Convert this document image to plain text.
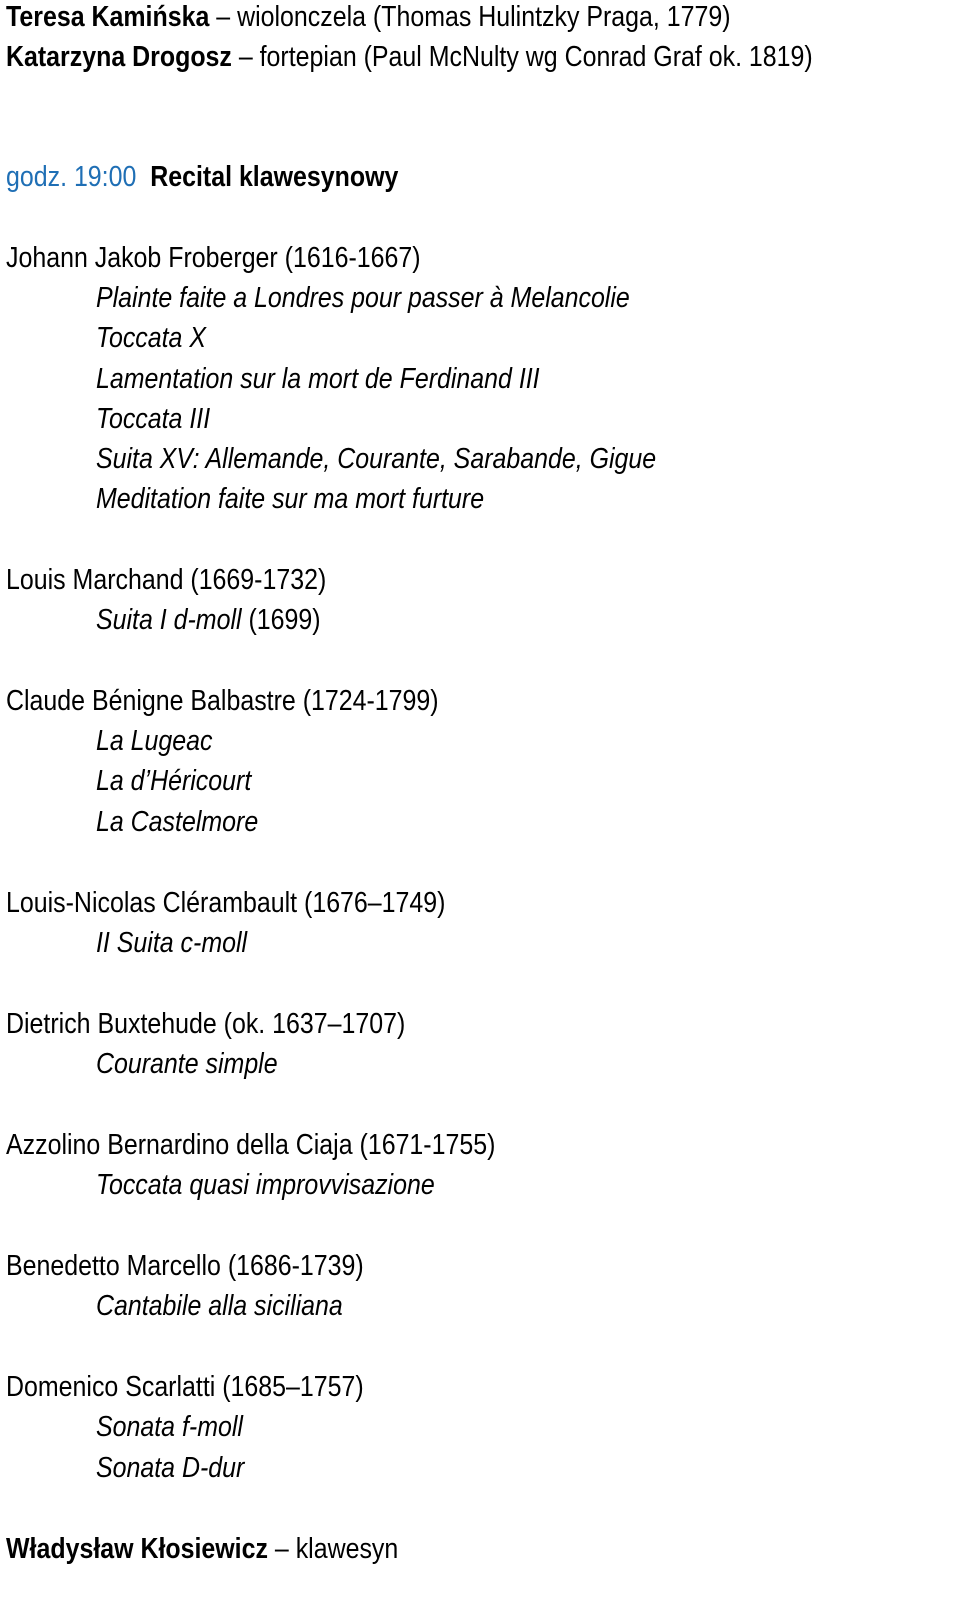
Teresa Kamińska – wiolonczela (Thomas Hulintzky Praga, 1779)
Katarzyna Drogosz – fortepian (Paul McNulty wg Conrad Graf ok. 1819)
godz. 19:00 Recital klawesynowy
Johann Jakob Froberger (1616-1667)
Plainte faite a Londres pour passer à Melancolie
Toccata X
Lamentation sur la mort de Ferdinand III
Toccata III
Suita XV: Allemande, Courante, Sarabande, Gigue
Meditation faite sur ma mort furture
Louis Marchand (1669-1732)
Suita I d-moll (1699)
Claude Bénigne Balbastre (1724-1799)
La Lugeac
La d’Héricourt
La Castelmore
Louis-Nicolas Clérambault (1676–1749)
II Suita c-moll
Dietrich Buxtehude (ok. 1637–1707)
Courante simple
Azzolino Bernardino della Ciaja (1671-1755)
Toccata quasi improvvisazione
Benedetto Marcello (1686-1739)
Cantabile alla siciliana
Domenico Scarlatti (1685–1757)
Sonata f-moll
Sonata D-dur
Władysław Kłosiewicz – klawesyn
